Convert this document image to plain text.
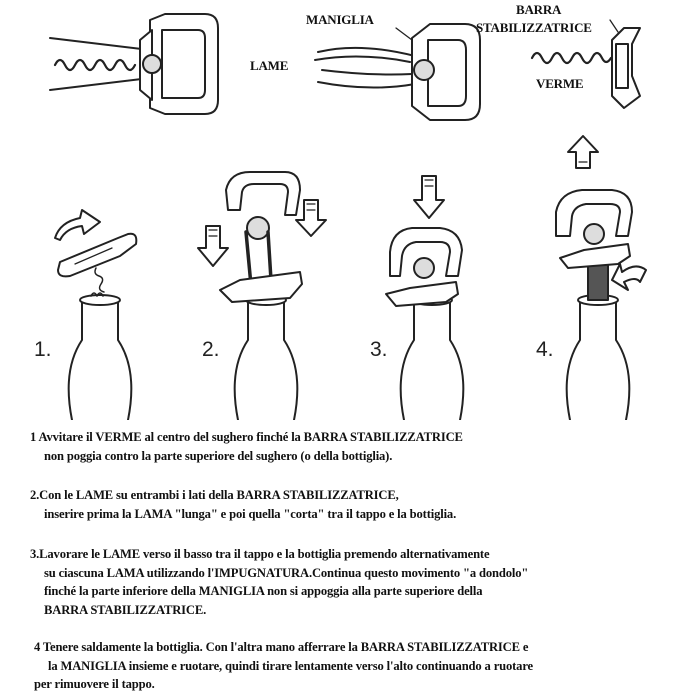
MANIGLIA
LAME
BARRA
STABILIZZATRICE
VERME
1.	2.	3.	4.
1 Avvitare il VERME al centro del sughero finché la BARRA STABILIZZATRICE
non poggia contro la parte superiore del sughero (o della bottiglia).
2.Con le LAME su entrambi i lati della BARRA STABILIZZATRICE,
inserire prima la LAMA "lunga" e poi quella "corta" tra il tappo e la bottiglia.
3.Lavorare le LAME verso il basso tra il tappo e la bottiglia premendo alternativamente
su ciascuna LAMA utilizzando l'IMPUGNATURA.Continua questo movimento "a dondolo"
finché la parte inferiore della MANIGLIA non si appoggia alla parte superiore della
BARRA STABILIZZATRICE.
4 Tenere saldamente la bottiglia. Con l'altra mano afferrare la BARRA STABILIZZATRICE e
la MANIGLIA insieme e ruotare, quindi tirare lentamente verso l'alto continuando a ruotare
per rimuovere il tappo.
